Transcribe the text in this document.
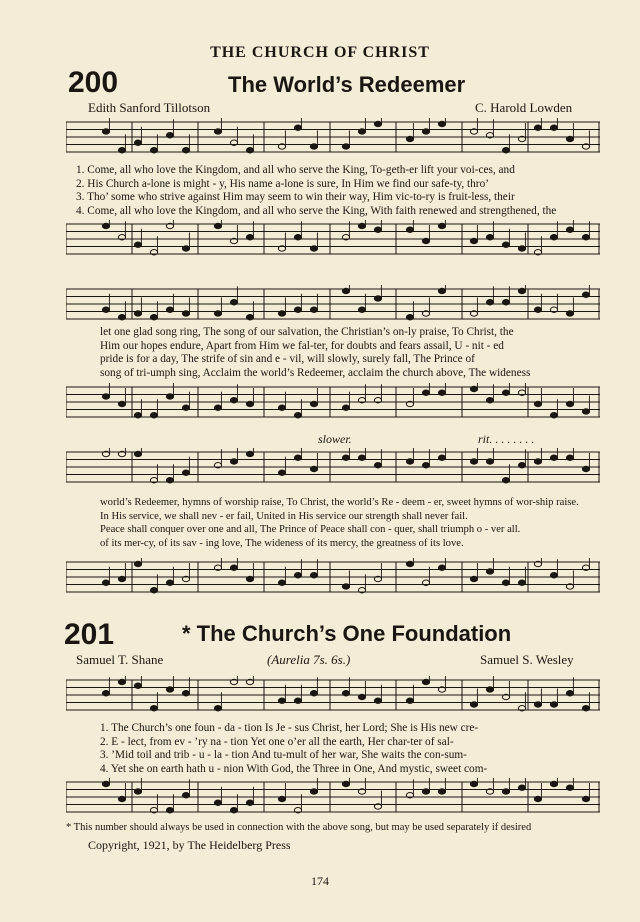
THE CHURCH OF CHRIST
200	The World’s Redeemer
Edith Sanford Tillotson	C. Harold Lowden
1. Come, all who love the Kingdom, and all who serve the King, To-geth-er lift your voi-ces, and
2. His Church a-lone is might - y, His name a-lone is sure, In Him we find our safe-ty, thro’
3. Tho’ some who strive against Him may seem to win their way, Him vic-to-ry is fruit-less, their
4. Come, all who love the Kingdom, and all who serve the King, With faith renewed and strengthened, the
let one glad song ring, The song of our salvation, the Christian’s on-ly praise, To Christ, the
Him our hopes endure, Apart from Him we fal-ter, for doubts and fears assail, U - nit - ed
pride is for a day, The strife of sin and e - vil, will slowly, surely fall, The Prince of
song of tri-umph sing, Acclaim the world’s Redeemer, acclaim the church above, The wideness
slower.	rit. . . . . . . .
world’s Redeemer, hymns of worship raise, To Christ, the world’s Re - deem - er, sweet hymns of wor-ship raise.
In His service, we shall nev - er fail, United in His service our strength shall never fail.
Peace shall conquer over one and all, The Prince of Peace shall con - quer, shall triumph o - ver all.
of its mer-cy, of its sav - ing love, The wideness of its mercy, the greatness of its love.
201	* The Church’s One Foundation
Samuel T. Shane	(Aurelia 7s. 6s.)	Samuel S. Wesley
1. The Church’s one foun - da - tion Is Je - sus Christ, her Lord; She is His new cre-
2. E - lect, from ev - ’ry na - tion Yet one o’er all the earth, Her char-ter of sal-
3. ’Mid toil and trib - u - la - tion And tu-mult of her war, She waits the con-sum-
4. Yet she on earth hath u - nion With God, the Three in One, And mystic, sweet com-
* This number should always be used in connection with the above song, but may be used separately if desired
Copyright, 1921, by The Heidelberg Press
174
